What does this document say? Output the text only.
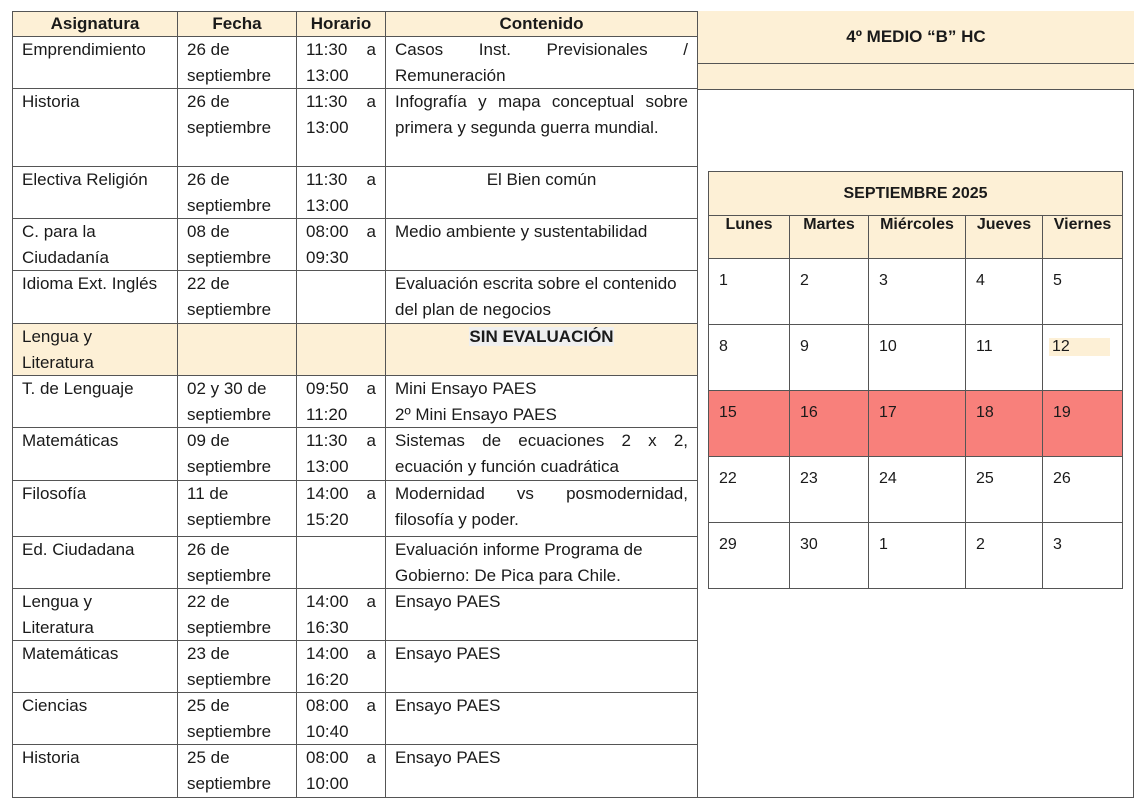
Asignatura	Fecha	Horario	Contenido
Emprendimiento	26 de septiembre	11:30 a 13:00	Casos Inst. Previsionales / Remuneración
Historia	26 de septiembre	11:30 a 13:00	Infografía y mapa conceptual sobre primera y segunda guerra mundial.
Electiva Religión	26 de septiembre	11:30 a 13:00	El Bien común
C. para la Ciudadanía	08 de septiembre	08:00 a 09:30	Medio ambiente y sustentabilidad
Idioma Ext. Inglés	22 de septiembre		Evaluación escrita sobre el contenido del plan de negocios
Lengua y Literatura			SIN EVALUACIÓN
T. de Lenguaje	02 y 30 de septiembre	09:50 a 11:20	Mini Ensayo PAES
2º Mini Ensayo PAES

Matemáticas	09 de septiembre	11:30 a 13:00	Sistemas de ecuaciones 2 x 2, ecuación y función cuadrática
Filosofía	11 de septiembre	14:00 a 15:20	Modernidad vs posmodernidad, filosofía y poder.
Ed. Ciudadana	26 de septiembre		Evaluación informe Programa de Gobierno: De Pica para Chile.
Lengua y Literatura	22 de septiembre	14:00 a 16:30	Ensayo PAES
Matemáticas	23 de septiembre	14:00 a 16:20	Ensayo PAES
Ciencias	25 de septiembre	08:00 a 10:40	Ensayo PAES
Historia	25 de septiembre	08:00 a 10:00	Ensayo PAES
4º MEDIO “B” HC
SEPTIEMBRE 2025				
Lunes	Martes	Miércoles	Jueves	Viernes
1	2	3	4	5
8	9	10	11	12
15	16	17	18	19
22	23	24	25	26
29	30	1	2	3
